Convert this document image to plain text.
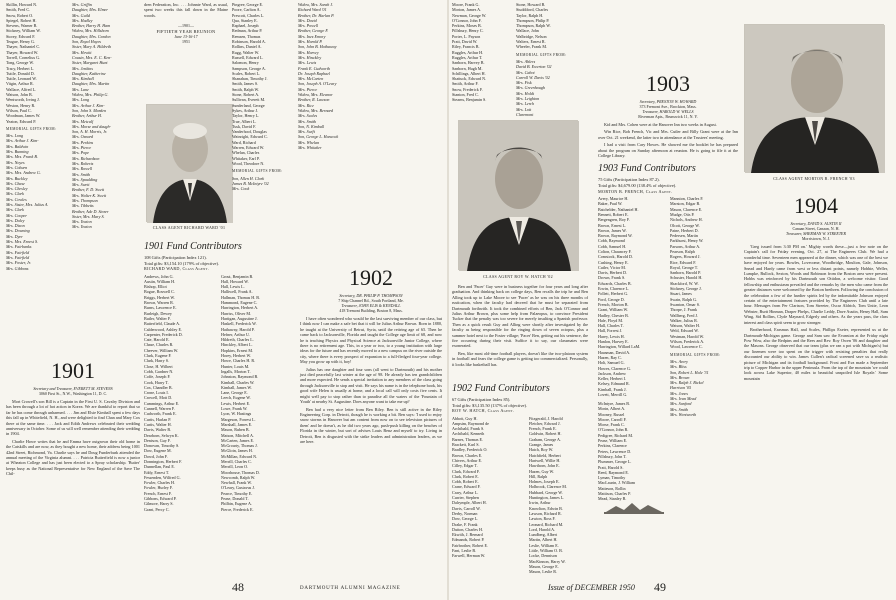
Skillin, Howard N.
Smith, Fred C.
Snow, Robert O.
Spiegel, Robert H.
Stevens, Warner B.
Stickney, William W.
Storey, Edward F.
Teague, Henry G.
Thayer, Nathaniel C.
Thayer, Howard W.
Torrell, Cornelius G.
Tong, George W.
Tracy, Herbert L.
Tuttle, Donald D.
Tuttle, Leonard W.
Vitgin, Arthur R.
Wallace, Alfred L.
Watson, John B.
Wentworth, Irving J.
Weston, Henry R.
Wilson, Paul C.
Woodman, James W.
Yeaton, Edward P.
MEMORIAL GIFTS FROM:
Mrs. Long
Mrs. Arthur J. Kim-
Mrs. Baldwin
Mrs. Bunning
Mrs. Mrs. Frank B.
Mrs. Noyes
Mrs. Coburn
Mrs. Mrs. Andrew G.
Mrs. Buckley
Mrs. Chase
Mrs. Chesley
Mrs. Clark
Mrs. Cowles
Mrs. Sister, Mrs. Julius A.
Mrs. Clark
Mrs. Cooper
Mrs. Daley
Mrs. Dixon
Mrs. Downing
Mrs. Dyer
Mrs. Mrs. Ernest S.
Mrs. Fairbanks
Mrs. Fairfield
Mrs. Fairfield
Mrs. Foster, Jr.
Mrs. Gibbons
Mrs. Griffin
Daughter, Mrs. Elmer
Mrs. Guild
Mrs. Hadley
Brother, Harry H. Ham
Widow, Mrs. Hillsboro
Daughter, Mrs. Gordon
Son, Royal Hayes
Sister, Mary A. Hildreth
Mrs. Hewitt
Cousin, Mrs. E. C. Ken-
Sister, Margaret Hunt
Mrs. Jenkins
Daughter, Katherine
Mrs. Kimball
Daughter, Mrs. Martin
Mrs. Lane
Widow, Mrs. Philip G.
Mrs. Long
Mrs. Arthur J. Kim-
Son, John S. Marden
Brother, Arthur H.
Mrs. Metcalf
Mrs. Morse and daugh-
Son, A. H. Morris, Jr.
Mrs. Oxnard
Mrs. Perkins
Mrs. Pierce
Mrs. Pope
Mrs. Richardson
Mrs. Roberts
Mrs. Rowell
Mrs. Smith
Mrs. Spaulding
Mrs. Swett
Brother, F. D. Swett
Mrs. Walter K. Swett
Mrs. Thompson
Mrs. Tibbetts
Brother, Ade D. Storer
Sister, Mrs. Mary S.
Mrs. Yeaton
Mrs. Yeaton
1901
Secretary and Treasurer, EVERETT M. STEVENS
3060 First St., N.W., Washington 11, D. C.
Mort Crowell's son Bill is a Captain in the First U. S. Cavalry Division and has been through a lot of hot action in Korea. We are thankful to report that so far he has come through unharmed. . . . Jim and Elsie Kimball spent a few days this fall up in Whitefield, N. H., and were delighted to find Chan and Mary Cox there at the same time. . . . Jack and Edith Andrews celebrated their wedding anniversary in October. Some of us will well remember attending their wedding in 1904.
Charlie Howe writes that he and Emma have outgrown their old home in the Catskills and are now, as they bought a new home, their address being 1001 42nd Street, Richmond, Va. Charlie says he and Doug Funderburk attended the annual meeting of the Virginia alumni. . . . Patricia Butterfield is now a junior at Wheaton College and has just been elected to a Spray scholarship. 'Butter' keeps busy as the National Representative for New England of the Save The Chil-
dren Federation, Inc. . . . Johnnie Ward, as usual, spent two weeks this fall down in the Maine woods.
—1901—
FIFTIETH YEAR REUNION
June 13-16-17
1951
CLASS AGENT RICHARD WARD '01
1901 Fund Contributors
108 Gifts (Participation Index 121).
Total gifts: $3,154.10 (179% of objective).
RICHARD WARD, Class Agent.
Andrews, John G.
Austin, William H.
Bishop, Elliot
Bogue, Roswell C.
Briggs, Herbert W.
Brown, Warren R.
Burns, Lawrence E.
Burleigh, Dewey
Butler, Walter F.
Butterfield, Claude A.
Calderwood, Ashley E.
Carpenter, Frederick D.
Cate, Harold E.
Chase, Charles R.
Cheever, William W.
Clark, Eugene F.
Clark, Harry S.
Close, H. Wilbert
Cobb, Gardner N.
Coffe, Joseph F.
Cook, Harry T.
Cox, Chandler B.
Crone, Louis I.
Crowell, Mott D.
Cummings, Arthur E.
Cunnell, Warren F.
Cudworth, Frank E.
Curtis, Harlan P.
Curtis, Walter H.
Davis, Walter B.
Dearborn, Selwyn K.
Denison, Guy F.
Donovan, Timothy S.
Dow, Eugene M.
Dowd, John F.
Donnington, Herbert F.
Dunnellan, Paul E.
Eddy, Ernest T.
Fessenden, Wilfred G.
Fowler, Charles H.
Fowler, Hurley F.
French, Ernest F.
Gibbons, Edward P.
Gilmore, Harry S.
Grant, Percy C.
Grout, Benjamin B.
Hall, Howard W.
Hall, Lewis L.
Halliwell, Frank A.
Hallman, Thomas H. B.
Hammond, Eugene C.
Harrington, Herbert A.
Harriss, Oliver M.
Hartigan, Augustine J.
Haskell, Frederick W.
Hathaway, Harold P.
Hefner, Arthur U.
Hildreth, Charles L.
Hinckley, Albert L.
Hopkins, Ernest M.
Horey, Herbert W.
Howe, Charles H. R.
Hunter, Louis M.
Ingalls, Morton T.
Johnston, Raymond B.
Kimball, Charles W.
Kimball, James W.
Lane, George E.
Leech, Eugene W.
Lewis, Herbert E.
Lowe, Frank W.
Lyon, W. Hastings
Margeson, Forrest L.
Marshall, James E.
Mason, Ruben B.
Matson, Mitchell A.
McCarten, James E.
McGroarty, Thomas J.
McGloin, James H.
McMillan, Edward N.
Merrill, Charles C.
Merrill, Leon O.
Moorhouse, Thomas D.
Newcomb, Ralph W.
Newhall, Frank W.
O'Leary, Gustavus J.
Pearce, Timothy E.
Pease, Donald T.
Philbin, Eugene A.
Pierce, Frederick E.
Pingree, George E.
Poore, Carlton A.
Prescott, Charles L.
Qua, Stanley E.
Raphael, Joseph
Redman, Arthur P.
Remsen, Thomas
Robinson, Harold A.
Rollins, Daniel A.
Rugg, Walter W.
Russell, Edward L.
Salomon, Henry
Sampson, George A.
Scales, Robert L.
Shanahan, Timothy J.
Smith, James S.
Smith, Ralph W.
Stone, Robert A.
Sullivan, Everett M.
Sunderland, George
Sykes, Arthur J.
Taylor, Henry L.
True, Albert L.
Tusk, David F.
Vanderhoof, Douglas
Wainright, Edward C.
Ward, Richard
Warren, Edward W.
Whelan, Charles
Whitaker, Earl P.
Wood, Theodore N.
MEMORIAL GIFTS FROM:
Son, Allen H. Clark
James B. McIntyre '02
Mrs. Cook
Widow, Mrs. Sarah J.
Richard Ward '01
Brother, Dr. Harlan P.
Mrs. David
Mrs. Powell
Brother, George F.
Mrs. Inez Emory
Mrs. Harold P.
Son, John B. Hathaway
Mrs. Harvey
Mrs. Hinckley
Mrs. Lewis
Frank E. Cudworth
Dr. Joseph Raphael
Mrs. McCarten
Son, Joseph A. O'Leary
Mrs. Pierce
Widow, Mrs. Eleanor
Brother, R. Lawson
Mrs. Rice
Widow, Mrs. Bernard
Mrs. Scales
Mrs. Smith
Son, N. Kimball
Mrs. Swift
Son, George L. Hancock
Mrs. Whelan
Mrs. Whitaker
1902
Secretary, DR. PHILIP P. THOMPSON
7 Ship Channel Rd., South Portland, Me.
Treasurer, JOHN ELIS & KENDALL
418 Tremont Building, Boston 8, Mass.
I have often wondered who would be the last surviving member of our class, but I think now I can make a safe bet that it will be Julius Arthur Brown. Born in 1880, he taught at the University of Beirut, Syria, until the retiring age of 65. Then he came back to Jacksonville, Florida and taught the College age limit of 68, and now he is teaching Physics and Physical Science at Jacksonville Junior College, where there is no retirement age. This, in a year or two, to a young institution with large ideas for the future and has recently moved to a new campus on the river outside the city, where there is every prospect of expansion to a full-fledged four-year college. May you grow up with it, boy!
Julius has one daughter and four sons (all went to Dartmouth) and his mother just died peacefully last winter at the age of 98. He already has ten grandchildren and more expected. He sends a special invitation to any members of the class going through Jacksonville to stop and visit. He says his name is in the telephone book, his good wife Helen is usually at home, and a local call will only costs five cents. It might well pay to stop rather than to paradise all the waters of the 'Fountain of Youth' at nearby St. Augustine. Does anyone want to take me up?
Ben had a very nice letter from Ben Riley. Ben is still active in the Riley Engineering Corp. in Detroit, though he is working a bit. Ben says: 'I used to enjoy snow storms in Hanover but am content from now on to see television pictures of them' and he doesn't, as he did two years ago, push-push killing on the beaches of Florida in the winter, but sort of advises Louis Benz and myself to try. Living in Detroit, Ben is disgusted with the strike leaders and administration leaders, as we are here.
48	DARTMOUTH ALUMNI MAGAZINE
Moore, Frank G.
Morton, James A.
Newman, George W.
O'Connor, John F.
Perkins, Moses B.
Pillsbury, Henry C.
Porter, L. Payson
Pratt, David W.
Riley, Francis B.
Ruggles, Arthur H.
Ruggles, Arthur T.
Sanborn, Harvey B.
Sanborn, Hugh M.
Schillings, Albert H.
Shattuck, Edward N.
Smith, Arthur F.
Snow, Frederick F.
Stanton, Fred C.
Stearns, Benjamin S.
Stone, Howard B.
Studdiford, Charles
Taylor, Ralph H.
Thompson, Philip P.
Thompson, Ralph W.
Wallace, John
Walbridge, Nelson
Walters, Ernest R.
Wheeler, Frank M.
MEMORIAL GIFTS FROM:
Mrs. Ahlers
David B. Ewerton '02
Mrs. Cabot
Carroll W. Davis '02
Mrs. Fisk
Mrs. Greenhough
Mrs. Holdt
Mrs. Leighton
Mrs. Lerch
Mrs. Lott
Claremont
CLASS AGENT ROY W. HATCH '02
Ben and 'Pacer' Guy were in business together for four years and long after graduation. And thinking back on college days, Ben recalls the trip he and Ben Alling took up to Lake Moore to see 'Pacer' as he was on his three months of rustication, when the faculty had decreed that he must be separated from Dartmouth forthwith. It took the combined efforts of Ben, Jack O'Connor and Julius Arthur Brown, plus some help from Palaeopus, to convince President Tucker that the penalty was too severe for merely insulting a Spanish professor. Then as a quick result Guy and Alling were shortly after investigated by the faculty as being responsible for the ringing down of seven octopus, plus a summer hotel next to the Foster village; 'Pacer' Ben, getting out his sentence, the fire occurring during their visit. Suffice it to say, our classmates were exonerated.
Ben, like most old-time football players, doesn't like the two-platoon system in football and fears the college game is getting too commercialized. Personally, it looks like basketball has.
1902 Fund Contributors
67 Gifts (Participation Index 85).
Total gifts: $3,135.50 (137% of objective).
ROY W. HATCH, Class Agent.
Abbott, Guy H.
Ampsim, Raymond de
Archibald, Frank S.
Archibald, Kenneth
Barnes, Thomas E.
Brackett, Karl S.
Bradley, Frederick O.
Brown, Charles E.
Chivers, Arthur E.
Cilley, Edgar T.
Clark, Edward F.
Clark, Robert E.
Cobb, Robert E.
Crane, Edward F.
Crary, Arthur L.
Currier, Stephen
Dalrymple, Albert H.
Davis, Carroll W.
Derby, Norman
Dow, George L.
Drake, F. Frank
Dutton, Charles H.
Ekwith, J. Bernard
Edmands, Robert P.
Fairbrother, Robert E.
Fant, Leslie B.
Farwell, Herman W.
Fitzgerald, J. Harold
Fletcher, Edward J.
French, Frank E.
Goldwin, Robert H.
Graham, George A.
Grange, James
Hatch, Roy W.
Hatchfield, Herbert
Hartwell, Willie H.
Hawthorn, John E.
Hazen, Guy W.
Hill, Ralph
Holmes, Joseph E.
Holbrook, Clarence M.
Hubbard, George W.
Huntington, James L.
Irwin, Arthur
Knowlton, Edwin B.
Lawson, Richard R.
Lawton, Ross F.
Leonard, Richard M.
Lord, Harold A.
Lundberg, Albert
Martin, Albert H.
Leslie, William E.
Little, William O. B.
Locke, Dennison
MacKinnon, Harry W.
Mason, George E.
Mason, Leslie R.
McIntyre, James B.
Morin, Albert A.
Mooney, Russel
Moore, Carroll F.
Morse, Frank C.
O'Connor, John R.
Pedigree, Richard M.
Pease, William E.
Perkins, Clarence
Peters, Lawrence D.
Pillsbury, John T.
Plummer, George L.
Pratt, Harold S.
Reed, Raymond E.
Lyman, Timothy
MacLaurin, J. William
Matteson, Rollin
Mattison, Charles P.
Mead, Stanley B.
1903
Secretary, PRESTON W. HOWARD
373 Fremont Ave., Brockton, Mass.
Treasurer, HAROLD W. WELLS
Riverman Apts., Brunswick 11, N. Y.
Kid and Mrs. Cohen were at the Hanover Inn two weeks in August.
Win Rice, Bob French, Vic and Mrs. Cutler and Billy Grant were at the Inn over Oct. 21 weekend, the latter two in attendance at the Trustees' meeting.
I had a visit from Cary Howes. He showed me the booklet he has prepared about the program on Sunday afternoon at reunion. He is going to file it at the College Library.
1903 Fund Contributors
75 Gifts (Participation Index 87.2).
Total gifts: $4,679.00 (138.4% of objective).
MORTON B. FRENCH, Class Agent.
Avery, Maurice H.
Baker, Paul W.
Batchelder, Nathaniel H.
Bennett, Robert E.
Bergengren, Roy F.
Brown, Ernest L.
Brown, James W.
Brown, Raymond W.
Cobb, Raymond
Cobb, Samuel H.
Colton, Chauncey F.
Comstock, Harold D.
Cushing, Henry E.
Cutler, Victor M.
Davis, Herbert D.
Drown, Frank S.
Edwards, Charles B.
Erwin, Clarence L.
Follett, Herbert G.
Ford, George D.
French, Morton B.
Grant, William W.
Hadley, Chester B.
Hale, Floyd M.
Hall, Charles T.
Hall, Forrest J.
Harey, Lewis H.
Hanlon, Harvey E.
Harrington, Willard LaM.
Hausman, David A.
Hazen, Ray C.
Holt, Samuel G.
Howes, Clarence G.
Jackson, Andrew
Keller, Herbert I.
Kelsey, Edmund R.
Kimball, Frank J.
Lovett, Merrill G.
Mannion, Charles F.
Marston, Edgar B.
Mason, Clarence E.
Mudge, Otis P.
Nichols, Andrew H.
Olcott, George W.
Paine, Herbert D.
Pedersen, Martin
Parkhurst, Henry W.
Parsons, Arthur A.
Pearson, Ralph
Rogers, Howard J.
Rice, Edward F.
Royal, George T.
Sanborn, Harold P.
Schuster, Harold H.
Shackford, W. W.
Stickney, George J.
Stuart, James
Swain, Ralph G.
Swanton, Omar S.
Thorpe, J. Frank
Wallberg, Fred J.
Walker, Julius R.
Watson, Walter H.
Weld, Edward W.
Westman, Harold W.
Wilson, Frederick A.
Wood, Lawrence C.
MEMORIAL GIFTS FROM:
Mrs. Avery
Mrs. Bliss
Son, Robert L. Hale '31
Mrs. Brown
Mrs. Ralph J. Bickel
Harrison '05
Mrs. Jones
Mrs. Ivan Mead
Mrs. Sanford
Mrs. Smith
Mrs. Wentworth
CLASS AGENT MORTON B. FRENCH '03
1904
Secretary, DAVID S. AUSTIN II
Canaan Street, Canaan, N. H.
Treasurer, SHERMAN W. STREETER
Morristown, N. J.
'Greg issued from 3:30 PM on.' Mighty words these—just a few note on the Captain's call for Friday evening, Oct. 27, at The Engineers Club. We had a wonderful time. Seventeen men appeared at the dinner, which was one of the best we have enjoyed for years. Bowles, Lovecome, Woodbridge, Moulton, Gale, Johnson, Snead and Hardy came from west or less distant points, namely Hobbie, Weller, Lumpke, Bullock, Sexton, Woods and Robinson from the Boston area were present. Hobbs was reinforced by his Dartmouth son Ottidon, a welcome visitor. Good fellowship and enthusiasm prevailed and the remarks by the men who came from the greater distances were welcomed by the Boston brethren. Following the conclusion of the celebration a few of the hardier spirits led by the indomitable Johnson enjoyed certain of the entertainment features provided by The Engineers Club until a late hour. Messages from Per Clarison, Tom Streeter, Oscar Aldrich, Tom Unite, Leon Webster, Burtt Hinman, Draper Phelps, Charlie Leddy, Dave Austin, Henry Hall, Sam Wing, Sid Rollins, Clyde Maynard, Edgerly and others. As the years pass, the class interest and class spirit seem to grow stronger.
Brotherhood, Erasmus Hall, and Scales, Phillips Exeter, represented us at the Dartmouth-Michigan game. George and Sam saw the Evanston at the Friday night Pow Wow, also the Redpins and the Rees and Rev. Roy Owen '06 and daughter and the Masons. George observed that our team (plus we ran a pot with Michigan's) but our linemen were too spent on the trigger with resisting penalties that really discounted our ability to win. James Cullen's radical screened save us a realistic picture of Michigan and its football background. Frost and Eva made a September trip to Copper Harbor in the upper Peninsula. From the top of the mountain 'we could look across Lake Superior, 40 miles to beautiful unspoiled Isle Royale.' Some mountain
Issue of DECEMBER 1950 49
